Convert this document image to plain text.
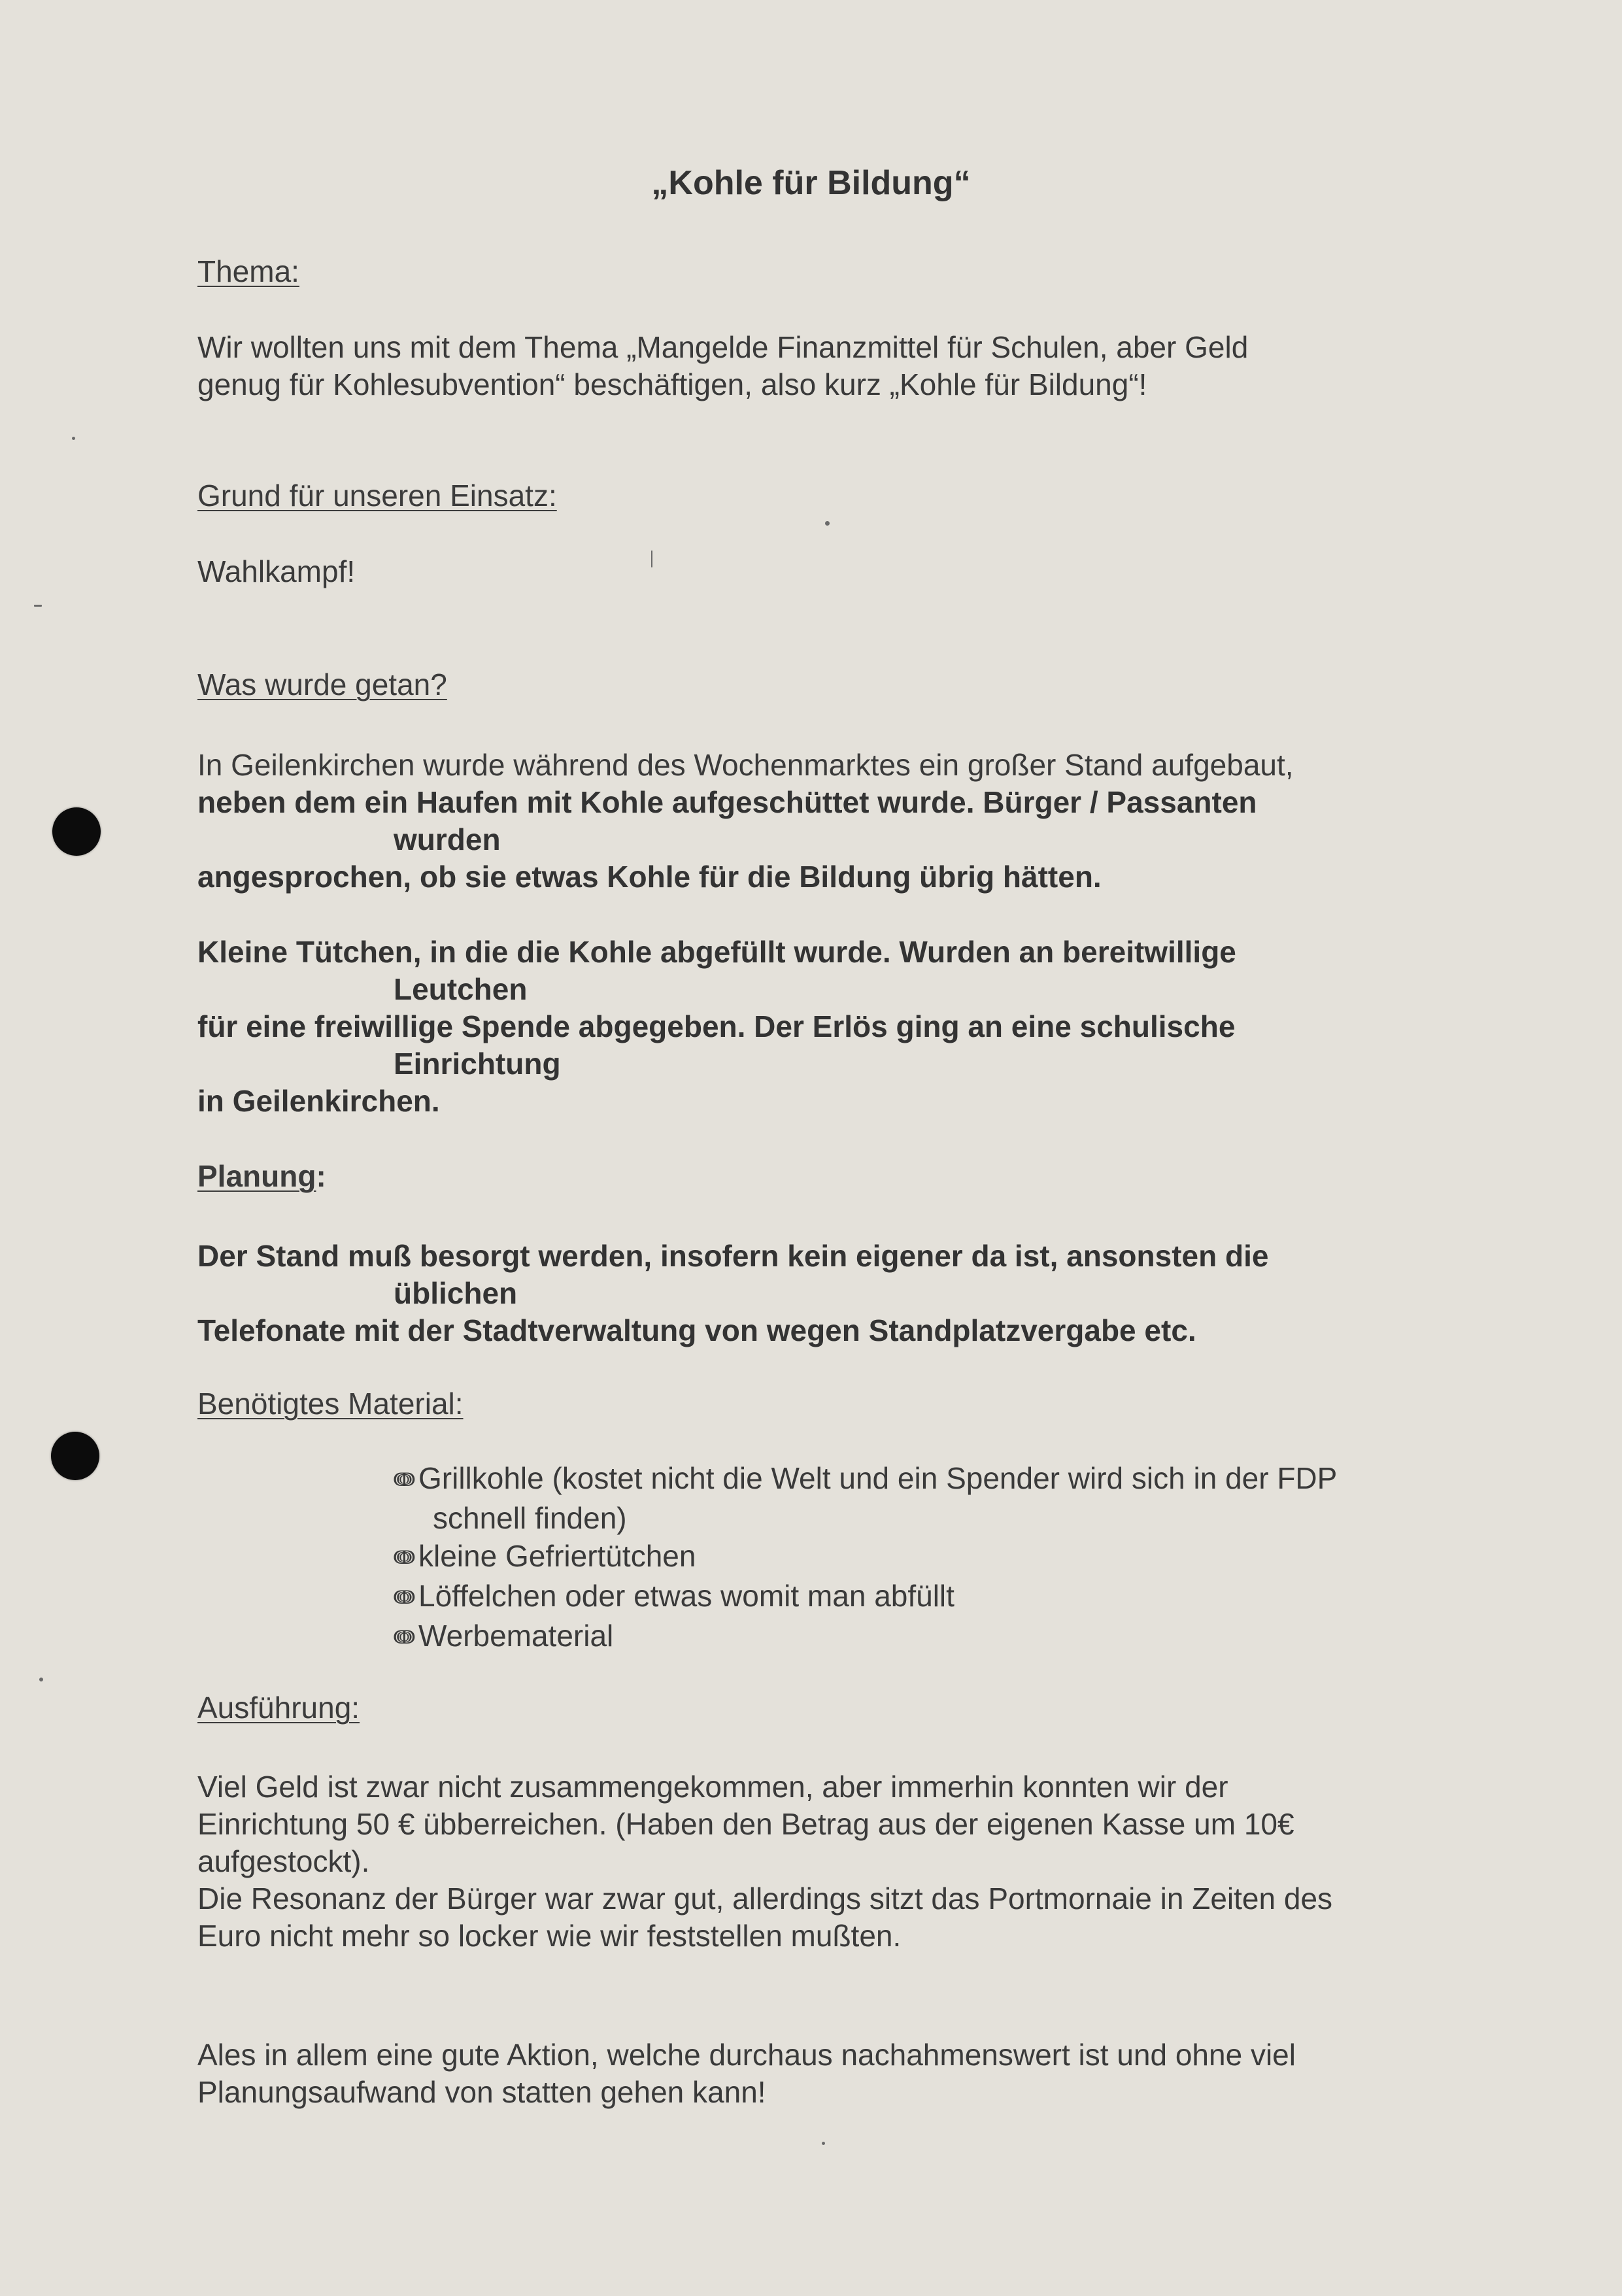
„Kohle für Bildung“
Thema:
Wir wollten uns mit dem Thema „Mangelde Finanzmittel für Schulen, aber Geld
genug für Kohlesubvention“ beschäftigen, also kurz „Kohle für Bildung“!
Grund für unseren Einsatz:
Wahlkampf!
Was wurde getan?
In Geilenkirchen wurde während des Wochenmarktes ein großer Stand aufgebaut,
neben dem ein Haufen mit Kohle aufgeschüttet wurde. Bürger / Passanten
wurden
angesprochen, ob sie etwas Kohle für die Bildung übrig hätten.
Kleine Tütchen, in die die Kohle abgefüllt wurde. Wurden an bereitwillige
Leutchen
für eine freiwillige Spende abgegeben. Der Erlös ging an eine schulische
Einrichtung
in Geilenkirchen.
Planung:
Der Stand muß besorgt werden, insofern kein eigener da ist, ansonsten die
üblichen
Telefonate mit der Stadtverwaltung von wegen Standplatzvergabe etc.
Benötigtes Material:
ↈ Grillkohle (kostet nicht die Welt und ein Spender wird sich in der FDP
schnell finden)
ↈ kleine Gefriertütchen
ↈ Löffelchen oder etwas womit man abfüllt
ↈ Werbematerial
Ausführung:
Viel Geld ist zwar nicht zusammengekommen, aber immerhin konnten wir der
Einrichtung 50 € übberreichen. (Haben den Betrag aus der eigenen Kasse um 10€
aufgestockt).
Die Resonanz der Bürger war zwar gut, allerdings sitzt das Portmornaie in Zeiten des
Euro nicht mehr so locker wie wir feststellen mußten.
Ales in allem eine gute Aktion, welche durchaus nachahmenswert ist und ohne viel
Planungsaufwand von statten gehen kann!
